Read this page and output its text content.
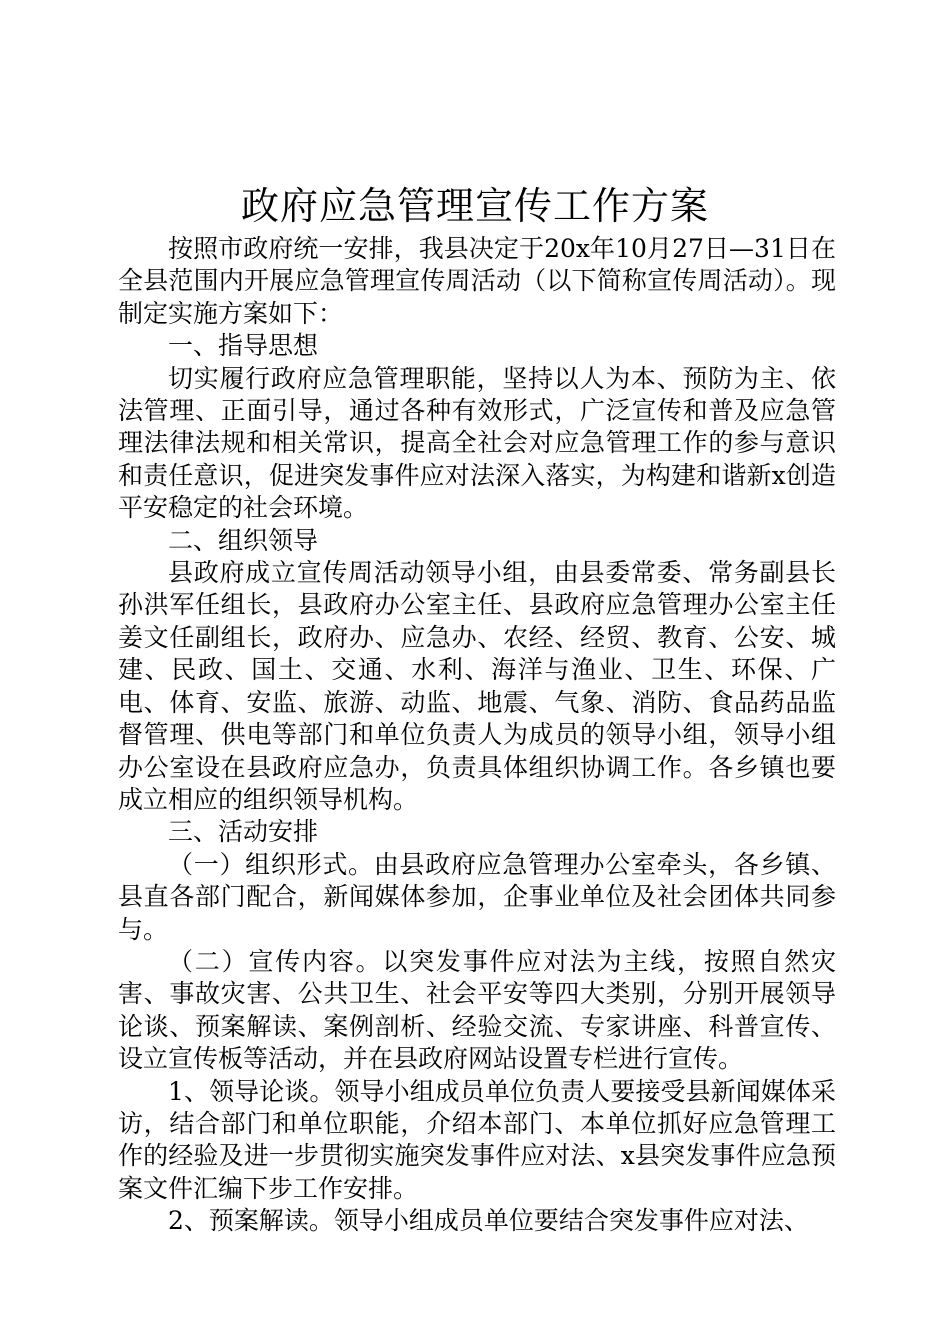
政府应急管理宣传工作方案

按照市政府统一安排，我县决定于20x年10月27日—31日在全县范围内开展应急管理宣传周活动（以下简称宣传周活动）。现制定实施方案如下：

一、指导思想

切实履行政府应急管理职能，坚持以人为本、预防为主、依法管理、正面引导，通过各种有效形式，广泛宣传和普及应急管理法律法规和相关常识，提高全社会对应急管理工作的参与意识和责任意识，促进突发事件应对法深入落实，为构建和谐新x创造平安稳定的社会环境。

二、组织领导

县政府成立宣传周活动领导小组，由县委常委、常务副县长孙洪军任组长，县政府办公室主任、县政府应急管理办公室主任姜文任副组长，政府办、应急办、农经、经贸、教育、公安、城建、民政、国土、交通、水利、海洋与渔业、卫生、环保、广电、体育、安监、旅游、动监、地震、气象、消防、食品药品监督管理、供电等部门和单位负责人为成员的领导小组，领导小组办公室设在县政府应急办，负责具体组织协调工作。各乡镇也要成立相应的组织领导机构。

三、活动安排

（一）组织形式。由县政府应急管理办公室牵头，各乡镇、县直各部门配合，新闻媒体参加，企事业单位及社会团体共同参与。

（二）宣传内容。以突发事件应对法为主线，按照自然灾害、事故灾害、公共卫生、社会平安等四大类别，分别开展领导论谈、预案解读、案例剖析、经验交流、专家讲座、科普宣传、设立宣传板等活动，并在县政府网站设置专栏进行宣传。

1、领导论谈。领导小组成员单位负责人要接受县新闻媒体采访，结合部门和单位职能，介绍本部门、本单位抓好应急管理工作的经验及进一步贯彻实施突发事件应对法、x县突发事件应急预案文件汇编下步工作安排。

2、预案解读。领导小组成员单位要结合突发事件应对法、
